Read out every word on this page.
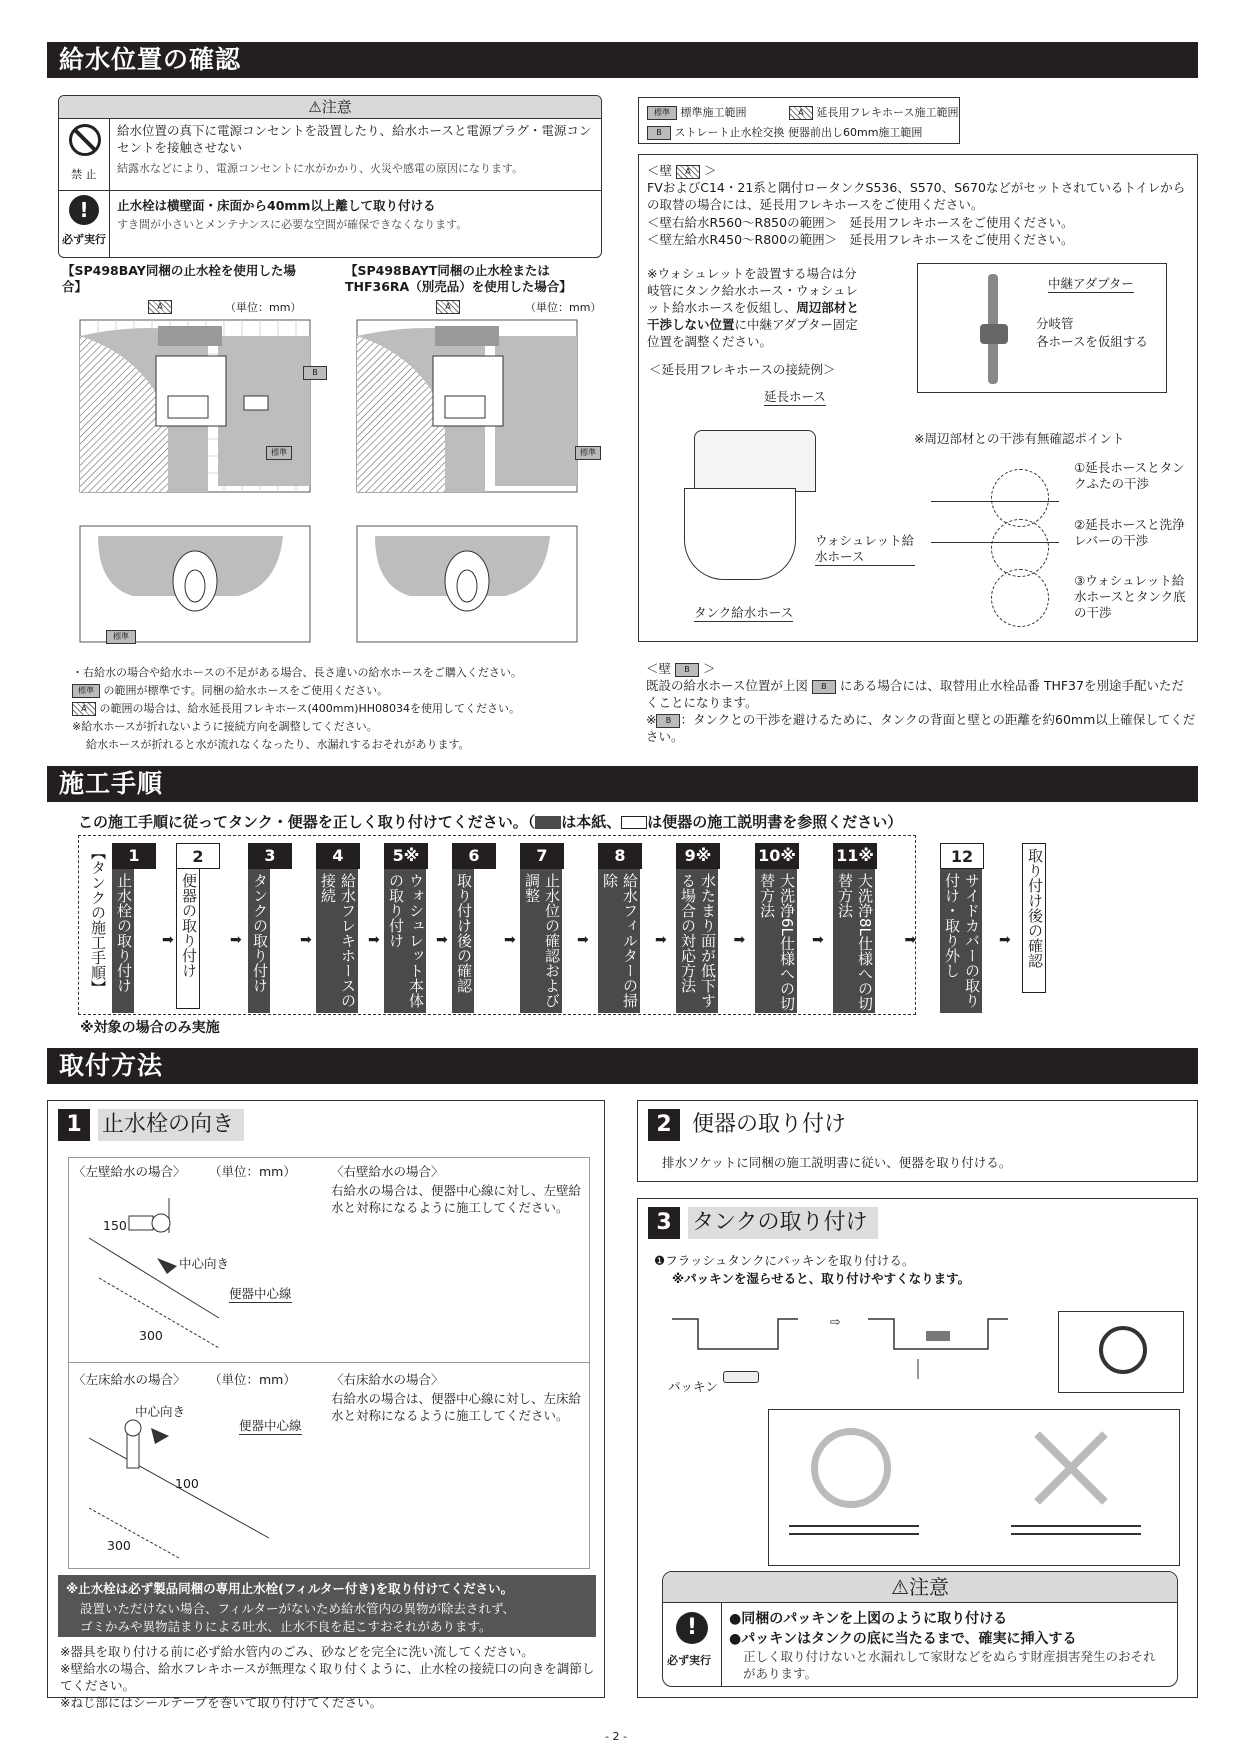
給水位置の確認
⚠注意
禁 止
給水位置の真下に電源コンセントを設置したり、給水ホースと電源プラグ・電源コンセントを接触させない
結露水などにより、電源コンセントに水がかかり、火災や感電の原因になります。
!
必ず実行
止水栓は横壁面・床面から40mm以上離して取り付ける
すき間が小さいとメンテナンスに必要な空間が確保できなくなります。
【SP498BAY同梱の止水栓を使用した場合】
【SP498BAYT同梱の止水栓またはTHF36RA（別売品）を使用した場合】
（単位：mm）
A
B
標準
標準
（単位：mm）
A
標準
・右給水の場合や給水ホースの不足がある場合、長さ違いの給水ホースをご購入ください。
標準 の範囲が標準です。同梱の給水ホースをご使用ください。
A の範囲の場合は、給水延長用フレキホース(400mm)HH08034を使用してください。
※給水ホースが折れないように接続方向を調整してください。
給水ホースが折れると水が流れなくなったり、水漏れするおそれがあります。
標準 標準施工範囲	A 延長用フレキホース施工範囲
B ストレート止水栓交換 便器前出し60mm施工範囲
＜壁 A ＞
FVおよびC14・21系と隅付ロータンクS536、S570、S670などがセットされているトイレからの取替の場合には、延長用フレキホースをご使用ください。
＜壁右給水R560～R850の範囲＞　延長用フレキホースをご使用ください。
＜壁左給水R450～R800の範囲＞　延長用フレキホースをご使用ください。
※ウォシュレットを設置する場合は分岐管にタンク給水ホース・ウォシュレット給水ホースを仮組し、周辺部材と干渉しない位置に中継アダプター固定位置を調整ください。
＜延長用フレキホースの接続例＞
中継アダプター
分岐管
各ホースを仮組する
延長ホース
ウォシュレット給水ホース
タンク給水ホース
※周辺部材との干渉有無確認ポイント
①延長ホースとタンクふたの干渉
②延長ホースと洗浄レバーの干渉
③ウォシュレット給水ホースとタンク底の干渉
＜壁 B ＞
既設の給水ホース位置が上図 B にある場合には、取替用止水栓品番 THF37を別途手配いただくことになります。
※ B ：タンクとの干渉を避けるために、タンクの背面と壁との距離を約60mm以上確保してください。
施工手順
この施工手順に従ってタンク・便器を正しく取り付けてください。（ は本紙、 は便器の施工説明書を参照ください）
【タンクの施工手順】	1
止水栓の取り付け ➡
2
便器の取り付け ➡
3
タンクの取り付け ➡
4
給水フレキホースの接続
➡
5※
ウォシュレット本体の取り付け	➡
6
取り付け後の確認 ➡
7
止水位の確認および調整
➡
8
給水フィルターの掃除
➡
9※
水たまり面が低下する場合の対応方法	➡
10※
大洗浄6L仕様への切替方法
➡
11※
大洗浄8L仕様への切替方法
➡
12
サイドカバーの取り付け・取り外し	➡ 取り付け後の確認
※対象の場合のみ実施
取付方法
1 止水栓の向き
〈左壁給水の場合〉 （単位：mm）	〈右壁給水の場合〉
右給水の場合は、便器中心線に対し、左壁給水と対称になるように施工してください。
150
中心向き
便器中心線
300
〈左床給水の場合〉 （単位：mm）	〈右床給水の場合〉
右給水の場合は、便器中心線に対し、左床給水と対称になるように施工してください。
中心向き
便器中心線
100
300
※止水栓は必ず製品同梱の専用止水栓(フィルター付き)を取り付けてください。
設置いただけない場合、フィルターがないため給水管内の異物が除去されず、
ゴミかみや異物詰まりによる吐水、止水不良を起こすおそれがあります。
※器具を取り付ける前に必ず給水管内のごみ、砂などを完全に洗い流してください。
※壁給水の場合、給水フレキホースが無理なく取り付くように、止水栓の接続口の向きを調節してください。
※ねじ部にはシールテープを巻いて取り付けてください。
2 便器の取り付け
排水ソケットに同梱の施工説明書に従い、便器を取り付ける。
3 タンクの取り付け
❶フラッシュタンクにパッキンを取り付ける。
※パッキンを湿らせると、取り付けやすくなります。
⇨
パッキン
⚠注意
!
必ず実行
●同梱のパッキンを上図のように取り付ける
●パッキンはタンクの底に当たるまで、確実に挿入する
正しく取り付けないと水漏れして家財などをぬらす財産損害発生のおそれがあります。
- 2 -
